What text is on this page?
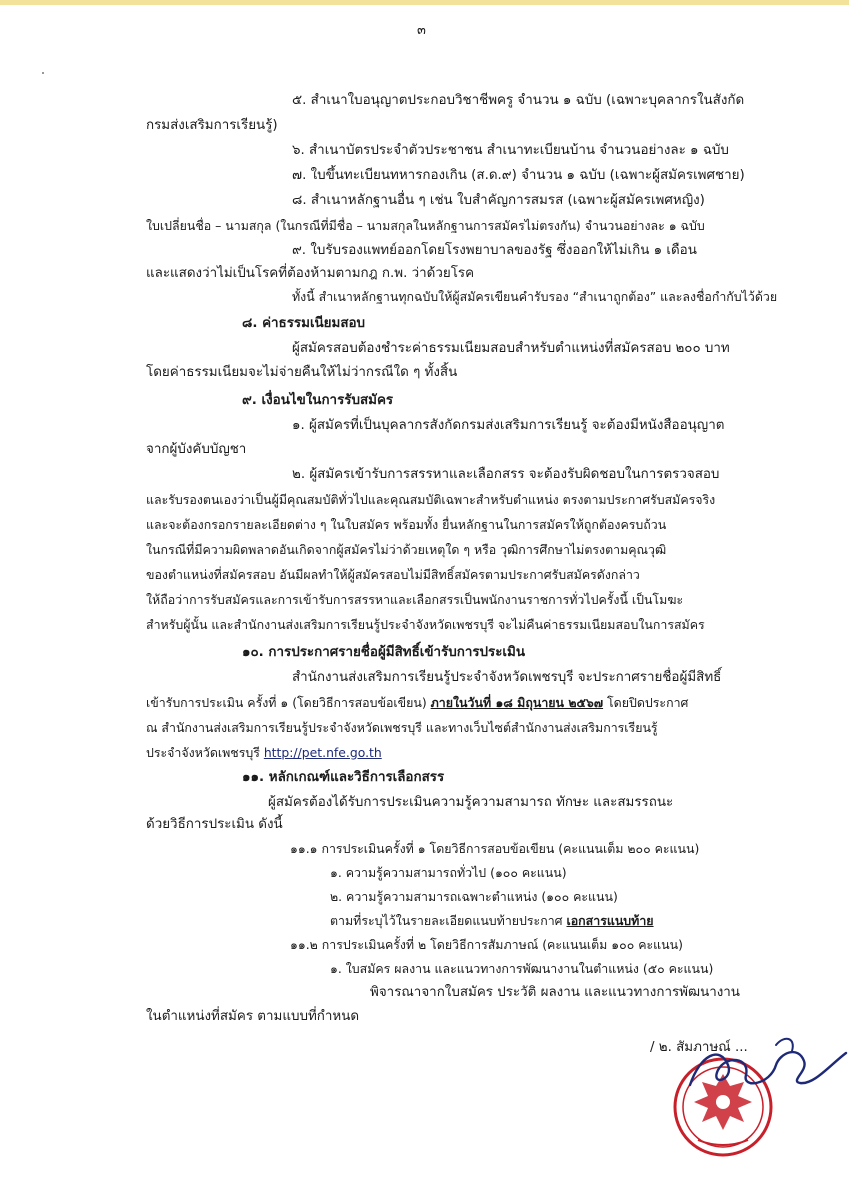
๓
๕. สำเนาใบอนุญาตประกอบวิชาชีพครู จำนวน ๑ ฉบับ (เฉพาะบุคลากรในสังกัด
กรมส่งเสริมการเรียนรู้)
๖. สำเนาบัตรประจำตัวประชาชน สำเนาทะเบียนบ้าน จำนวนอย่างละ ๑ ฉบับ
๗. ใบขึ้นทะเบียนทหารกองเกิน (ส.ด.๙) จำนวน ๑ ฉบับ (เฉพาะผู้สมัครเพศชาย)
๘. สำเนาหลักฐานอื่น ๆ เช่น ใบสำคัญการสมรส (เฉพาะผู้สมัครเพศหญิง)
ใบเปลี่ยนชื่อ – นามสกุล (ในกรณีที่มีชื่อ – นามสกุลในหลักฐานการสมัครไม่ตรงกัน) จำนวนอย่างละ ๑ ฉบับ
๙. ใบรับรองแพทย์ออกโดยโรงพยาบาลของรัฐ ซึ่งออกให้ไม่เกิน ๑ เดือน
และแสดงว่าไม่เป็นโรคที่ต้องห้ามตามกฎ ก.พ. ว่าด้วยโรค
ทั้งนี้ สำเนาหลักฐานทุกฉบับให้ผู้สมัครเขียนคำรับรอง “สำเนาถูกต้อง” และลงชื่อกำกับไว้ด้วย
๘. ค่าธรรมเนียมสอบ
ผู้สมัครสอบต้องชำระค่าธรรมเนียมสอบสำหรับตำแหน่งที่สมัครสอบ ๒๐๐ บาท
โดยค่าธรรมเนียมจะไม่จ่ายคืนให้ไม่ว่ากรณีใด ๆ ทั้งสิ้น
๙. เงื่อนไขในการรับสมัคร
๑. ผู้สมัครที่เป็นบุคลากรสังกัดกรมส่งเสริมการเรียนรู้ จะต้องมีหนังสืออนุญาต
จากผู้บังคับบัญชา
๒. ผู้สมัครเข้ารับการสรรหาและเลือกสรร จะต้องรับผิดชอบในการตรวจสอบ
และรับรองตนเองว่าเป็นผู้มีคุณสมบัติทั่วไปและคุณสมบัติเฉพาะสำหรับตำแหน่ง ตรงตามประกาศรับสมัครจริง
และจะต้องกรอกรายละเอียดต่าง ๆ ในใบสมัคร พร้อมทั้ง ยื่นหลักฐานในการสมัครให้ถูกต้องครบถ้วน
ในกรณีที่มีความผิดพลาดอันเกิดจากผู้สมัครไม่ว่าด้วยเหตุใด ๆ หรือ วุฒิการศึกษาไม่ตรงตามคุณวุฒิ
ของตำแหน่งที่สมัครสอบ อันมีผลทำให้ผู้สมัครสอบไม่มีสิทธิ์สมัครตามประกาศรับสมัครดังกล่าว
ให้ถือว่าการรับสมัครและการเข้ารับการสรรหาและเลือกสรรเป็นพนักงานราชการทั่วไปครั้งนี้ เป็นโมฆะ
สำหรับผู้นั้น และสำนักงานส่งเสริมการเรียนรู้ประจำจังหวัดเพชรบุรี จะไม่คืนค่าธรรมเนียมสอบในการสมัคร
๑๐. การประกาศรายชื่อผู้มีสิทธิ์เข้ารับการประเมิน
สำนักงานส่งเสริมการเรียนรู้ประจำจังหวัดเพชรบุรี จะประกาศรายชื่อผู้มีสิทธิ์
เข้ารับการประเมิน ครั้งที่ ๑ (โดยวิธีการสอบข้อเขียน) ภายในวันที่ ๑๘ มิถุนายน ๒๕๖๗ โดยปิดประกาศ
ณ สำนักงานส่งเสริมการเรียนรู้ประจำจังหวัดเพชรบุรี และทางเว็บไซต์สำนักงานส่งเสริมการเรียนรู้
ประจำจังหวัดเพชรบุรี http://pet.nfe.go.th
๑๑. หลักเกณฑ์และวิธีการเลือกสรร
ผู้สมัครต้องได้รับการประเมินความรู้ความสามารถ ทักษะ และสมรรถนะ
ด้วยวิธีการประเมิน ดังนี้
๑๑.๑ การประเมินครั้งที่ ๑ โดยวิธีการสอบข้อเขียน (คะแนนเต็ม ๒๐๐ คะแนน)
๑. ความรู้ความสามารถทั่วไป (๑๐๐ คะแนน)
๒. ความรู้ความสามารถเฉพาะตำแหน่ง (๑๐๐ คะแนน)
ตามที่ระบุไว้ในรายละเอียดแนบท้ายประกาศ เอกสารแนบท้าย
๑๑.๒ การประเมินครั้งที่ ๒ โดยวิธีการสัมภาษณ์ (คะแนนเต็ม ๑๐๐ คะแนน)
๑. ใบสมัคร ผลงาน และแนวทางการพัฒนางานในตำแหน่ง (๕๐ คะแนน)
พิจารณาจากใบสมัคร ประวัติ ผลงาน และแนวทางการพัฒนางาน
ในตำแหน่งที่สมัคร ตามแบบที่กำหนด
/ ๒. สัมภาษณ์ ...
